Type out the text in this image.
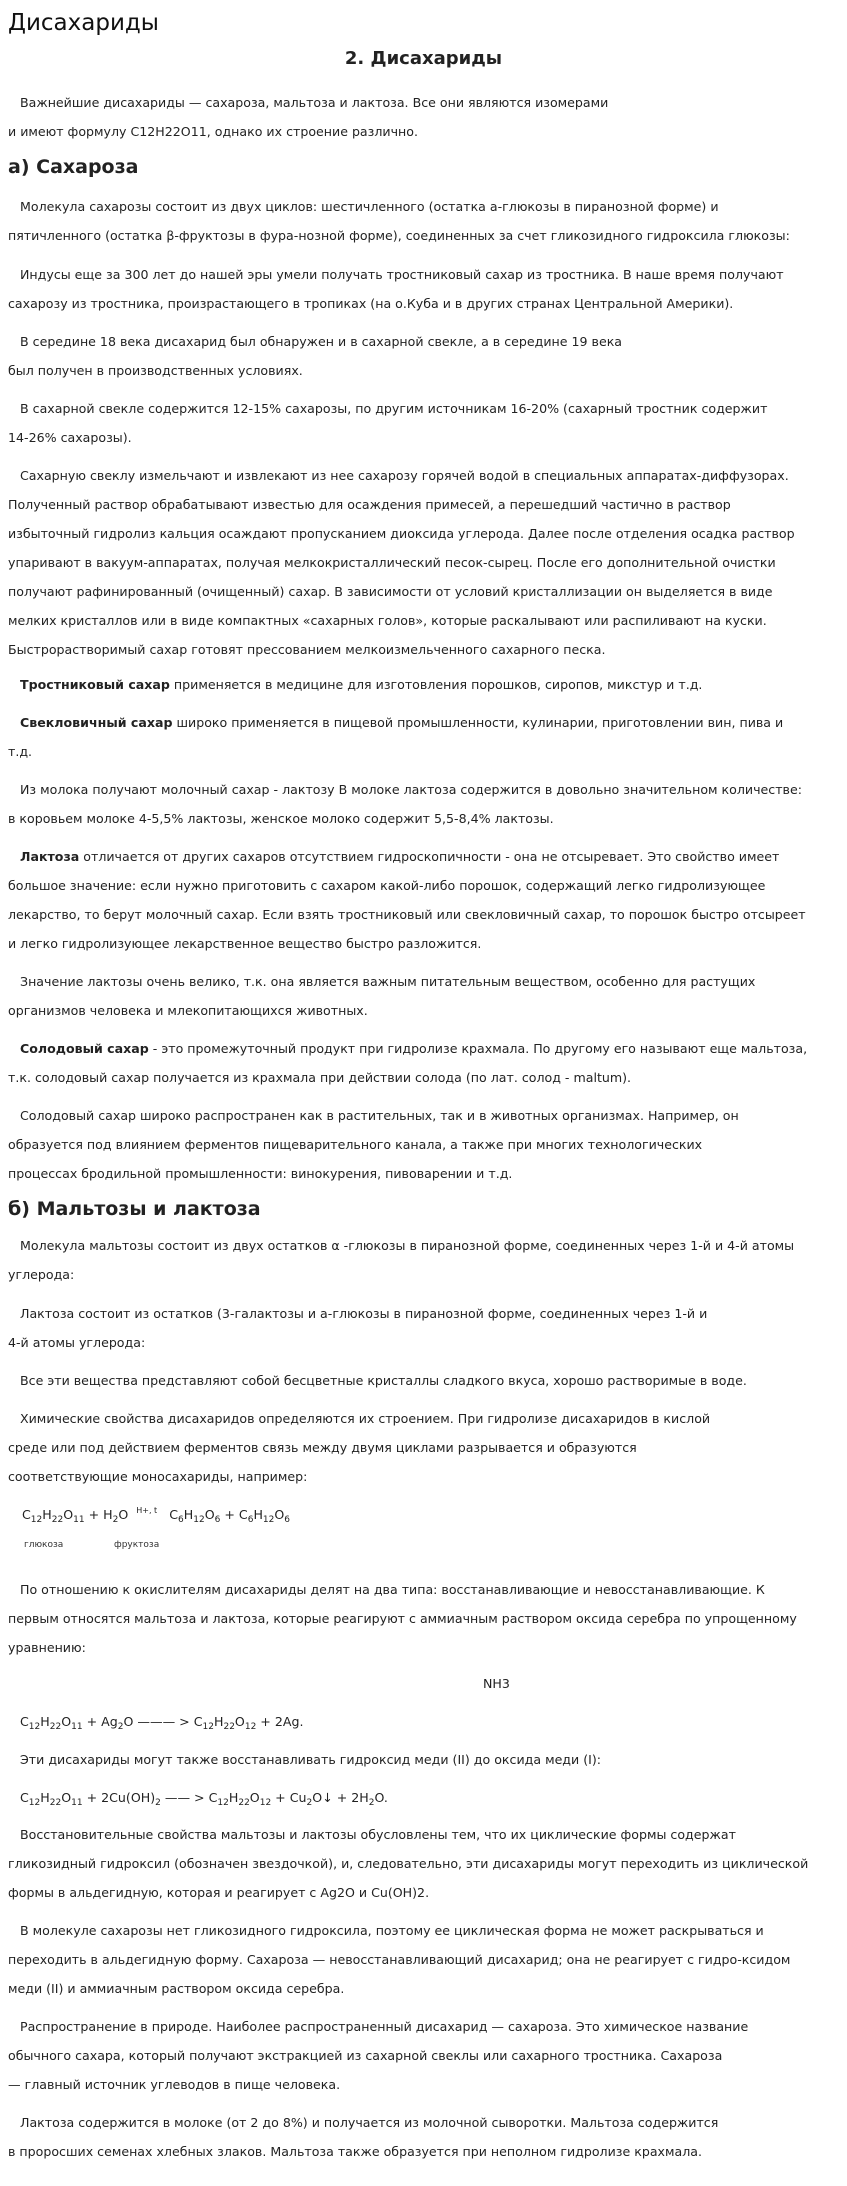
Дисахариды
2. Дисахариды

Важнейшие дисахариды — сахароза, мальтоза и лактоза. Все они являются изомерами
и имеют формулу С12Н22О11, однако их строение различно.

а) Сахароза

Молекула сахарозы состоит из двух циклов: шестичленного (остатка a-глюкозы в пиранозной форме) и
пятичленного (остатка β-фруктозы в фура-нозной форме), соединенных за счет гликозидного гидроксила глюкозы:

Индусы еще за 300 лет до нашей эры умели получать тростниковый сахар из тростника. В наше время получают
сахарозу из тростника, произрастающего в тропиках (на о.Куба и в других странах Центральной Америки).

В середине 18 века дисахарид был обнаружен и в сахарной свекле, а в середине 19 века
был получен в производственных условиях.

В сахарной свекле содержится 12-15% сахарозы, по другим источникам 16-20% (сахарный тростник содержит
14-26% сахарозы).

Сахарную свеклу измельчают и извлекают из нее сахарозу горячей водой в специальных аппаратах-диффузорах.
Полученный раствор обрабатывают известью для осаждения примесей, а перешедший частично в раствор
избыточный гидролиз кальция осаждают пропусканием диоксида углерода. Далее после отделения осадка раствор
упаривают в вакуум-аппаратах, получая мелкокристаллический песок-сырец. После его дополнительной очистки
получают рафинированный (очищенный) сахар. В зависимости от условий кристаллизации он выделяется в виде
мелких кристаллов или в виде компактных «сахарных голов», которые раскалывают или распиливают на куски.
Быстрорастворимый сахар готовят прессованием мелкоизмельченного сахарного песка.

Тростниковый сахар применяется в медицине для изготовления порошков, сиропов, микстур и т.д.

Свекловичный сахар широко применяется в пищевой промышленности, кулинарии, приготовлении вин, пива и
т.д.

Из молока получают молочный сахар - лактозу В молоке лактоза содержится в довольно значительном количестве:
в коровьем молоке 4-5,5% лактозы, женское молоко содержит 5,5-8,4% лактозы.

Лактоза отличается от других сахаров отсутствием гидроскопичности - она не отсыревает. Это свойство имеет
большое значение: если нужно приготовить с сахаром какой-либо порошок, содержащий легко гидролизующее
лекарство, то берут молочный сахар. Если взять тростниковый или свекловичный сахар, то порошок быстро отсыреет
и легко гидролизующее лекарственное вещество быстро разложится.

Значение лактозы очень велико, т.к. она является важным питательным веществом, особенно для растущих
организмов человека и млекопитающихся животных.

Солодовый сахар - это промежуточный продукт при гидролизе крахмала. По другому его называют еще мальтоза,
т.к. солодовый сахар получается из крахмала при действии солода (по лат. солод - maltum).

Солодовый сахар широко распространен как в растительных, так и в животных организмах. Например, он
образуется под влиянием ферментов пищеварительного канала, а также при многих технологических
процессах бродильной промышленности: винокурения, пивоварении и т.д.

б) Мальтозы и лактоза

Молекула мальтозы состоит из двух остатков α -глюкозы в пиранозной форме, соединенных через 1-й и 4-й атомы
углерода:

Лактоза состоит из остатков (3-галактозы и а-глюкозы в пиранозной форме, соединенных через 1-й и
4-й атомы углерода:

Все эти вещества представляют собой бесцветные кристаллы сладкого вкуса, хорошо растворимые в воде.

Химические свойства дисахаридов определяются их строением. При гидролизе дисахаридов в кислой
среде или под действием ферментов связь между двумя циклами разрывается и образуются
соответствующие моносахариды, например:

$C_{12}H_{22}O_{11} + H_2O$  $^{H+, t}$   $C_6H_{12}O_6 + C_6H_{12}O_6$
глюкоза	фруктоза

По отношению к окислителям дисахариды делят на два типа: восстанавливающие и невосстанавливающие. К
первым относятся мальтоза и лактоза, которые реагируют с аммиачным раствором оксида серебра по упрощенному
уравнению:

NH3
$C_{12}H_{22}O_{11} + Ag_2O$ ——— > $C_{12}H_{22}O_{12} + 2Ag$.

Эти дисахариды могут также восстанавливать гидроксид меди (II) до оксида меди (I):

$C_{12}H_{22}O_{11} + 2Cu(OH)_2$ —— > $C_{12}H_{22}O_{12}$ + $Cu_2O↓ + 2H_2O$.

Восстановительные свойства мальтозы и лактозы обусловлены тем, что их циклические формы содержат
гликозидный гидроксил (обозначен звездочкой), и, следовательно, эти дисахариды могут переходить из циклической
формы в альдегидную, которая и реагирует с Ag2O и Cu(OH)2.

В молекуле сахарозы нет гликозидного гидроксила, поэтому ее циклическая форма не может раскрываться и
переходить в альдегидную форму. Сахароза — невосстанавливающий дисахарид; она не реагирует с гидро-ксидом
меди (II) и аммиачным раствором оксида серебра.

Распространение в природе. Наиболее распространенный дисахарид — сахароза. Это химическое название
обычного сахара, который получают экстракцией из сахарной свеклы или сахарного тростника. Сахароза
— главный источник углеводов в пище человека.

Лактоза содержится в молоке (от 2 до 8%) и получается из молочной сыворотки. Мальтоза содержится
в проросших семенах хлебных злаков. Мальтоза также образуется при неполном гидролизе крахмала.
